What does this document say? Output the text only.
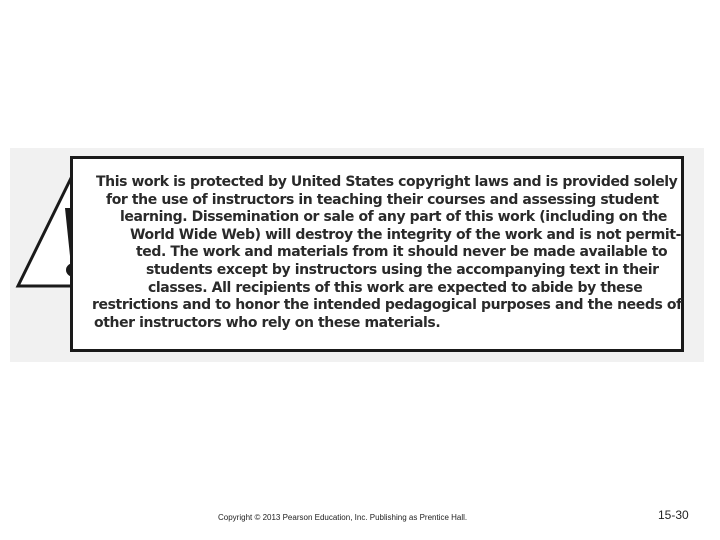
This work is protected by United States copyright laws and is provided solely
for the use of instructors in teaching their courses and assessing student
learning. Dissemination or sale of any part of this work (including on the
World Wide Web) will destroy the integrity of the work and is not permit-
ted. The work and materials from it should never be made available to
students except by instructors using the accompanying text in their
classes. All recipients of this work are expected to abide by these
restrictions and to honor the intended pedagogical purposes and the needs of
other instructors who rely on these materials.

Copyright © 2013 Pearson Education, Inc. Publishing as Prentice Hall.	15-30
